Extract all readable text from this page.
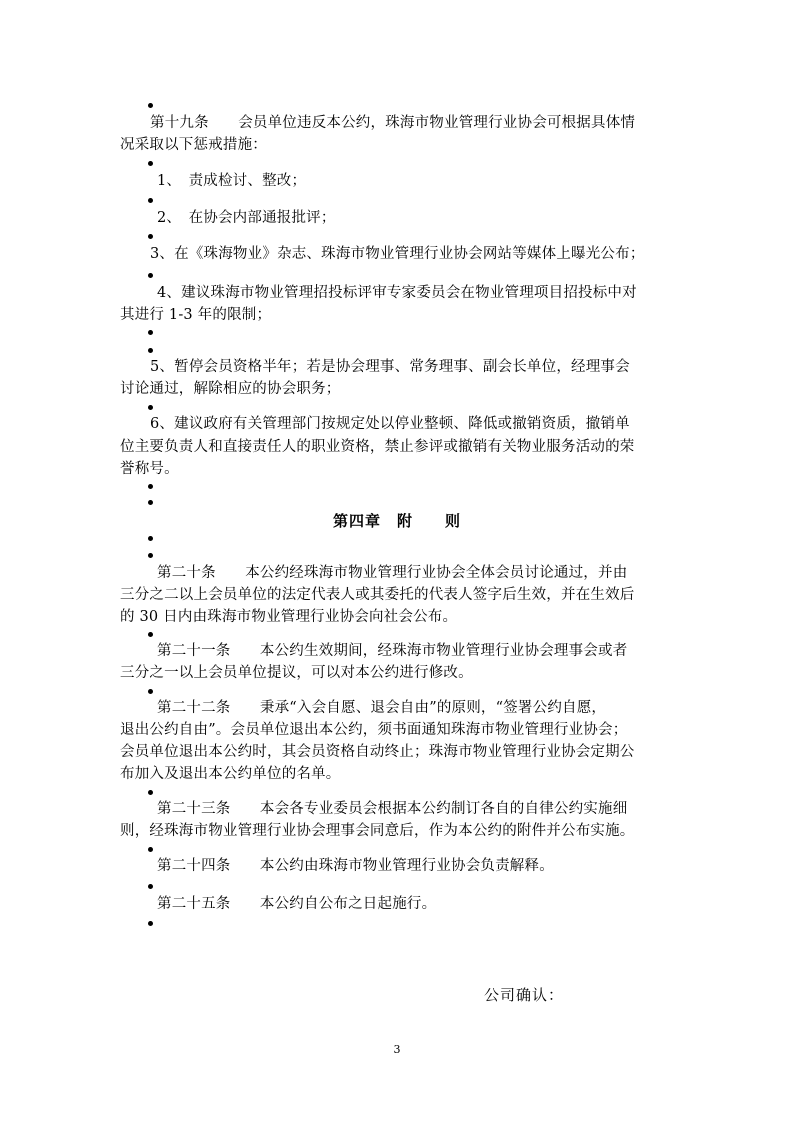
第十九条　　会员单位违反本公约，珠海市物业管理行业协会可根据具体情
况采取以下惩戒措施：
1、　责成检讨、整改；
2、　在协会内部通报批评；
3、在《珠海物业》杂志、珠海市物业管理行业协会网站等媒体上曝光公布；
4、建议珠海市物业管理招投标评审专家委员会在物业管理项目招投标中对
其进行 1-3 年的限制；
5、暂停会员资格半年；若是协会理事、常务理事、副会长单位，经理事会
讨论通过，解除相应的协会职务；
6、建议政府有关管理部门按规定处以停业整顿、降低或撤销资质，撤销单
位主要负责人和直接责任人的职业资格，禁止参评或撤销有关物业服务活动的荣
誉称号。
第四章　附　　则
第二十条　　本公约经珠海市物业管理行业协会全体会员讨论通过，并由
三分之二以上会员单位的法定代表人或其委托的代表人签字后生效，并在生效后
的 30 日内由珠海市物业管理行业协会向社会公布。
第二十一条　　本公约生效期间，经珠海市物业管理行业协会理事会或者
三分之一以上会员单位提议，可以对本公约进行修改。
第二十二条　　秉承“入会自愿、退会自由”的原则，“签署公约自愿，
退出公约自由”。会员单位退出本公约，须书面通知珠海市物业管理行业协会；
会员单位退出本公约时，其会员资格自动终止；珠海市物业管理行业协会定期公
布加入及退出本公约单位的名单。
第二十三条　　本会各专业委员会根据本公约制订各自的自律公约实施细
则，经珠海市物业管理行业协会理事会同意后，作为本公约的附件并公布实施。
第二十四条　　本公约由珠海市物业管理行业协会负责解释。
第二十五条　　本公约自公布之日起施行。
公司确认：
3
